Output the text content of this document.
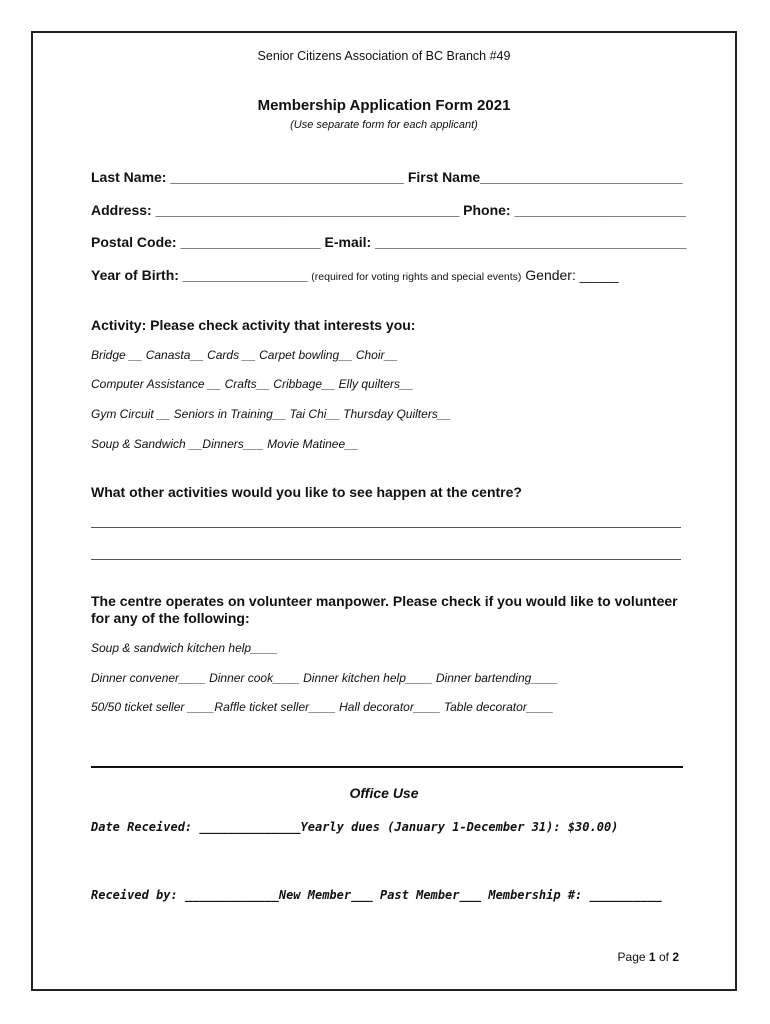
Senior Citizens Association of BC Branch #49
Membership Application Form 2021
(Use separate form for each applicant)
Last Name: ______________________________ First Name__________________________
Address: _______________________________________ Phone: ______________________
Postal Code: __________________ E-mail: ________________________________________
Year of Birth: ________________ (required for voting rights and special events) Gender: _____
Activity: Please check activity that interests you:
Bridge __ Canasta__ Cards __ Carpet bowling__ Choir__
Computer Assistance __ Crafts__ Cribbage__ Elly quilters__
Gym Circuit __ Seniors in Training__ Tai Chi__ Thursday Quilters__
Soup & Sandwich __Dinners___ Movie Matinee__
What other activities would you like to see happen at the centre?
The centre operates on volunteer manpower. Please check if you would like to volunteer
for any of the following:
Soup & sandwich kitchen help____
Dinner convener____ Dinner cook____ Dinner kitchen help____ Dinner bartending____
50/50 ticket seller ____Raffle ticket seller____ Hall decorator____ Table decorator____
Office Use
Date Received: ______________Yearly dues (January 1-December 31): $30.00)
Received by: _____________New Member___ Past Member___ Membership #: __________
Page 1 of 2
